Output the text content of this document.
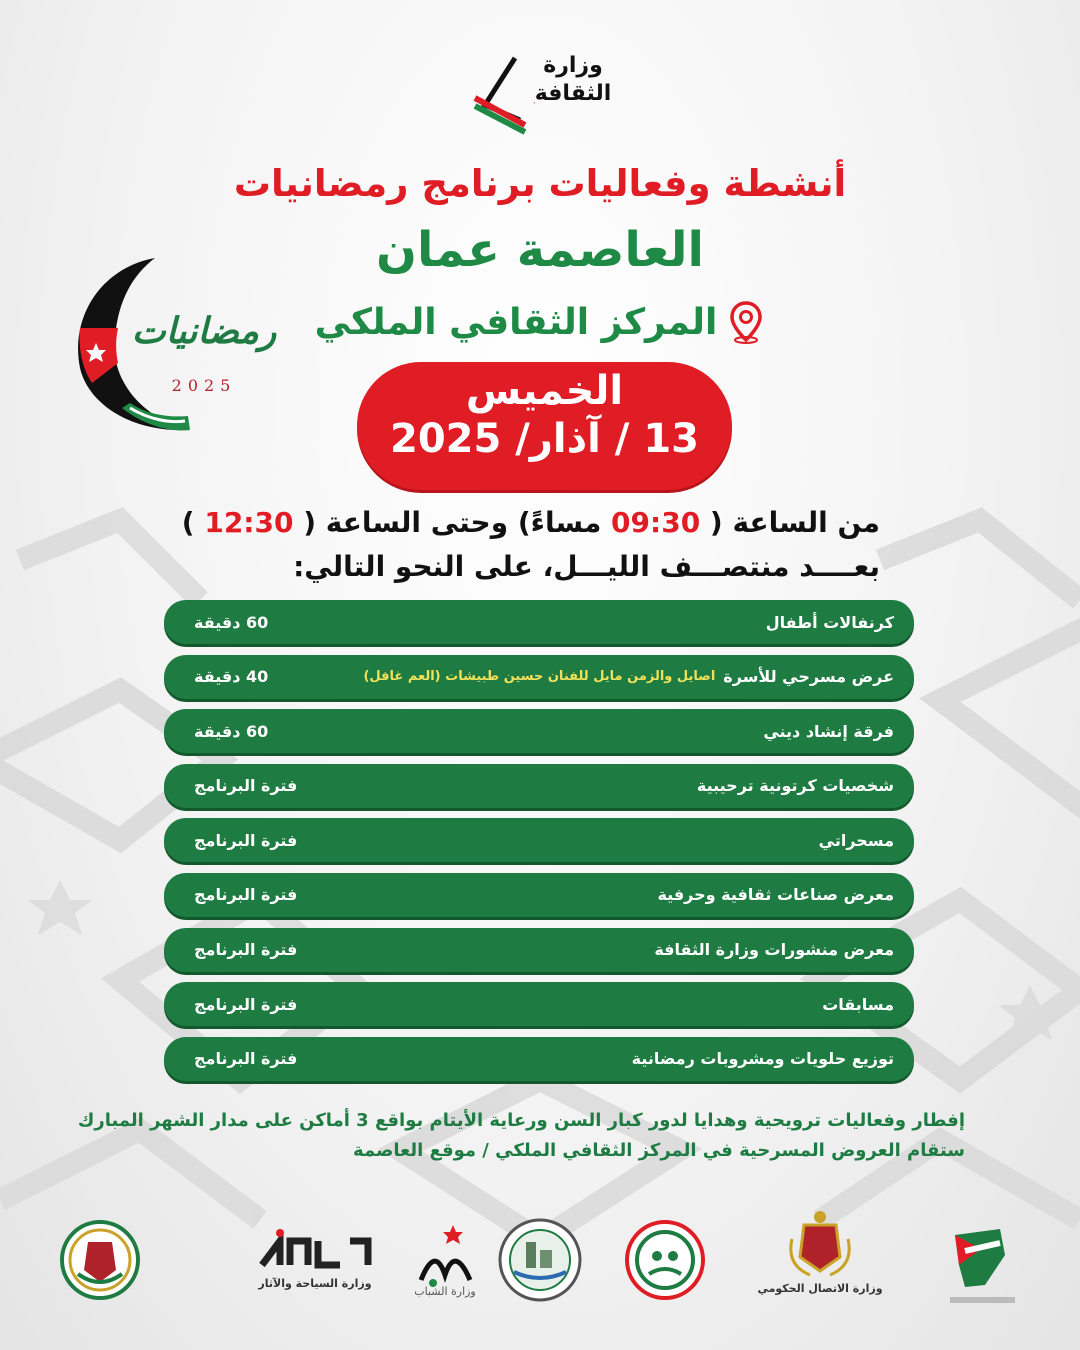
وزارة
الثقافة
أنشطة وفعاليات برنامج رمضانيات
العاصمة عمان
المركز الثقافي الملكي
رمضانيات
2025	الخميس
13 / آذار/ 2025
من الساعة ( 09:30 مساءً) وحتى الساعة ( 12:30 )
بعــــد منتصـــف الليـــل، على النحو التالي:
60 دقيقة	كرنفالات أطفال
40 دقيقة	عرض مسرحي للأسرة
اصايل والزمن مايل للفنان حسين طبيشات (العم غافل)
60 دقيقة	فرقة إنشاد ديني
فترة البرنامج	شخصيات كرتونية ترحيبية
فترة البرنامج	مسحراتي
فترة البرنامج	معرض صناعات ثقافية وحرفية
فترة البرنامج	معرض منشورات وزارة الثقافة
فترة البرنامج	مسابقات
فترة البرنامج	توزيع حلويات ومشروبات رمضانية
إفطار وفعاليات ترويحية وهدايا لدور كبار السن ورعاية الأيتام بواقع 3 أماكن على مدار الشهر المبارك
ستقام العروض المسرحية في المركز الثقافي الملكي / موقع العاصمة
وزارة السياحة والآثار
وزارة الشباب	وزارة الاتصال الحكومي
